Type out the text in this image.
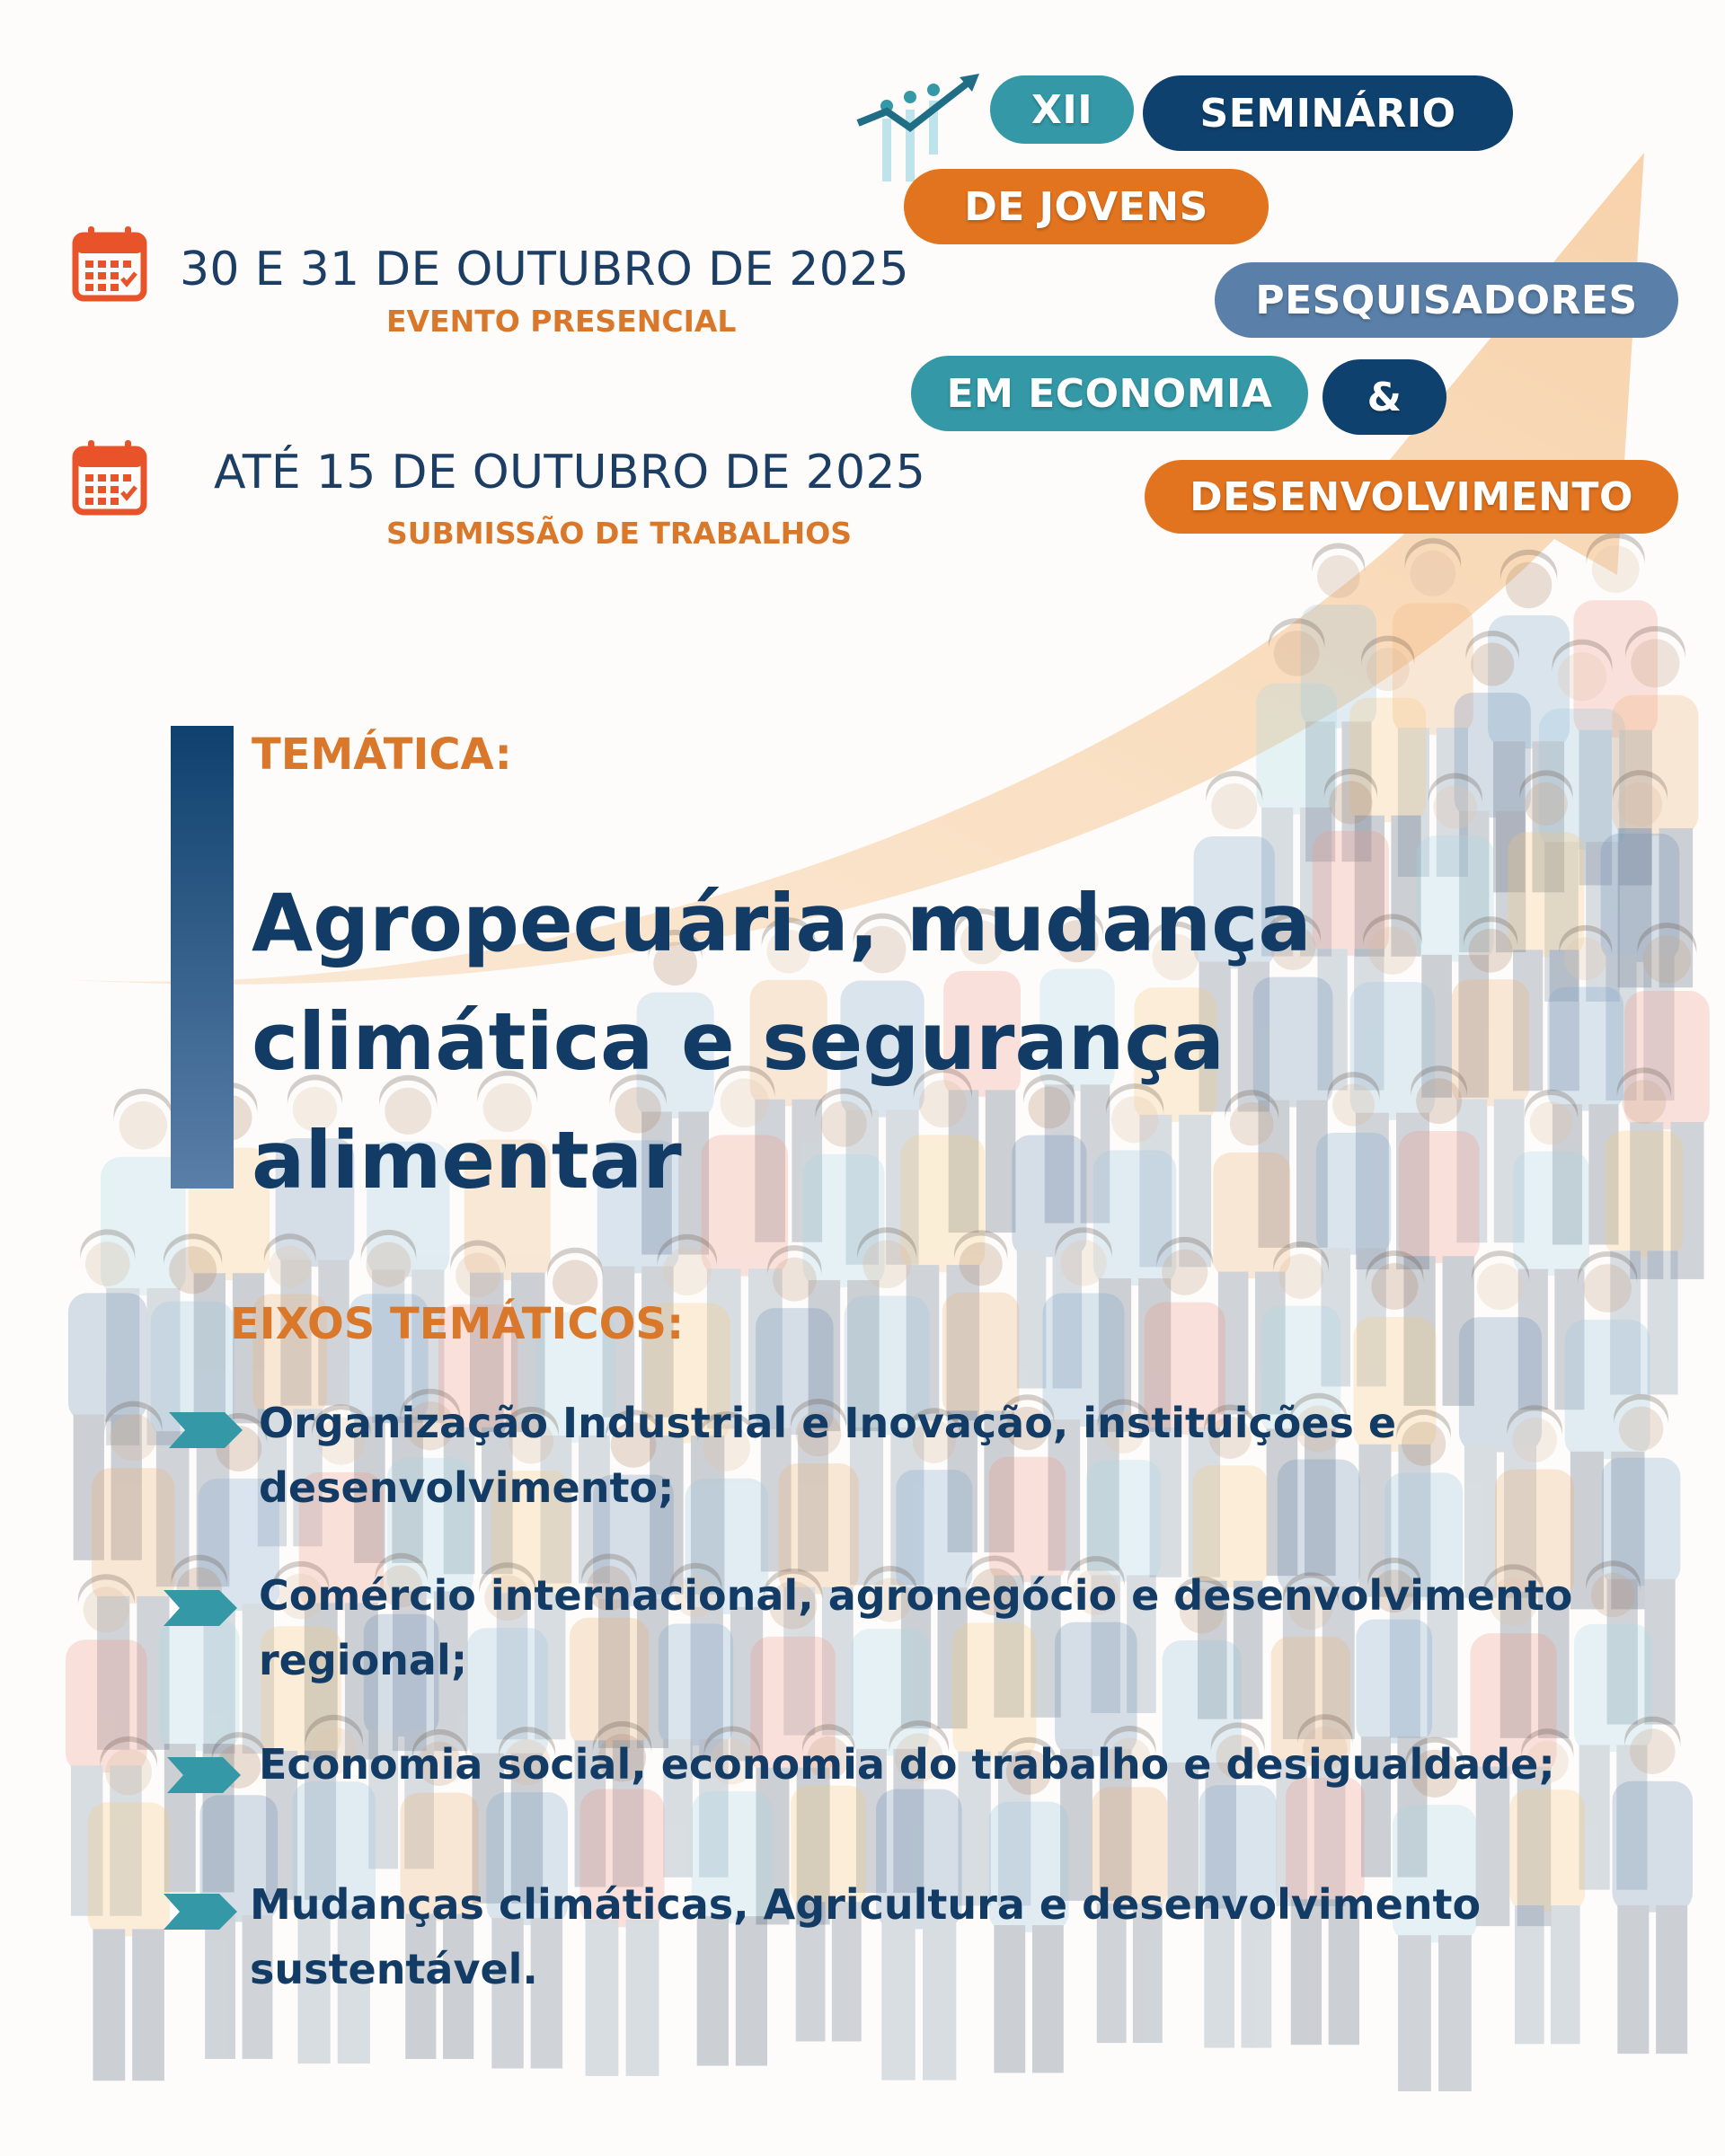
XII	SEMINÁRIO
DE JOVENS
PESQUISADORES
EM ECONOMIA	&
DESENVOLVIMENTO
30 E 31 DE OUTUBRO DE 2025
EVENTO PRESENCIAL
ATÉ 15 DE OUTUBRO DE 2025
SUBMISSÃO DE TRABALHOS
TEMÁTICA:
Agropecuária, mudança
climática e segurança
alimentar
EIXOS TEMÁTICOS:
Organização Industrial e Inovação, instituições e
desenvolvimento;
Comércio internacional, agronegócio e desenvolvimento
regional;
Economia social, economia do trabalho e desigualdade;
Mudanças climáticas, Agricultura e desenvolvimento
sustentável.
